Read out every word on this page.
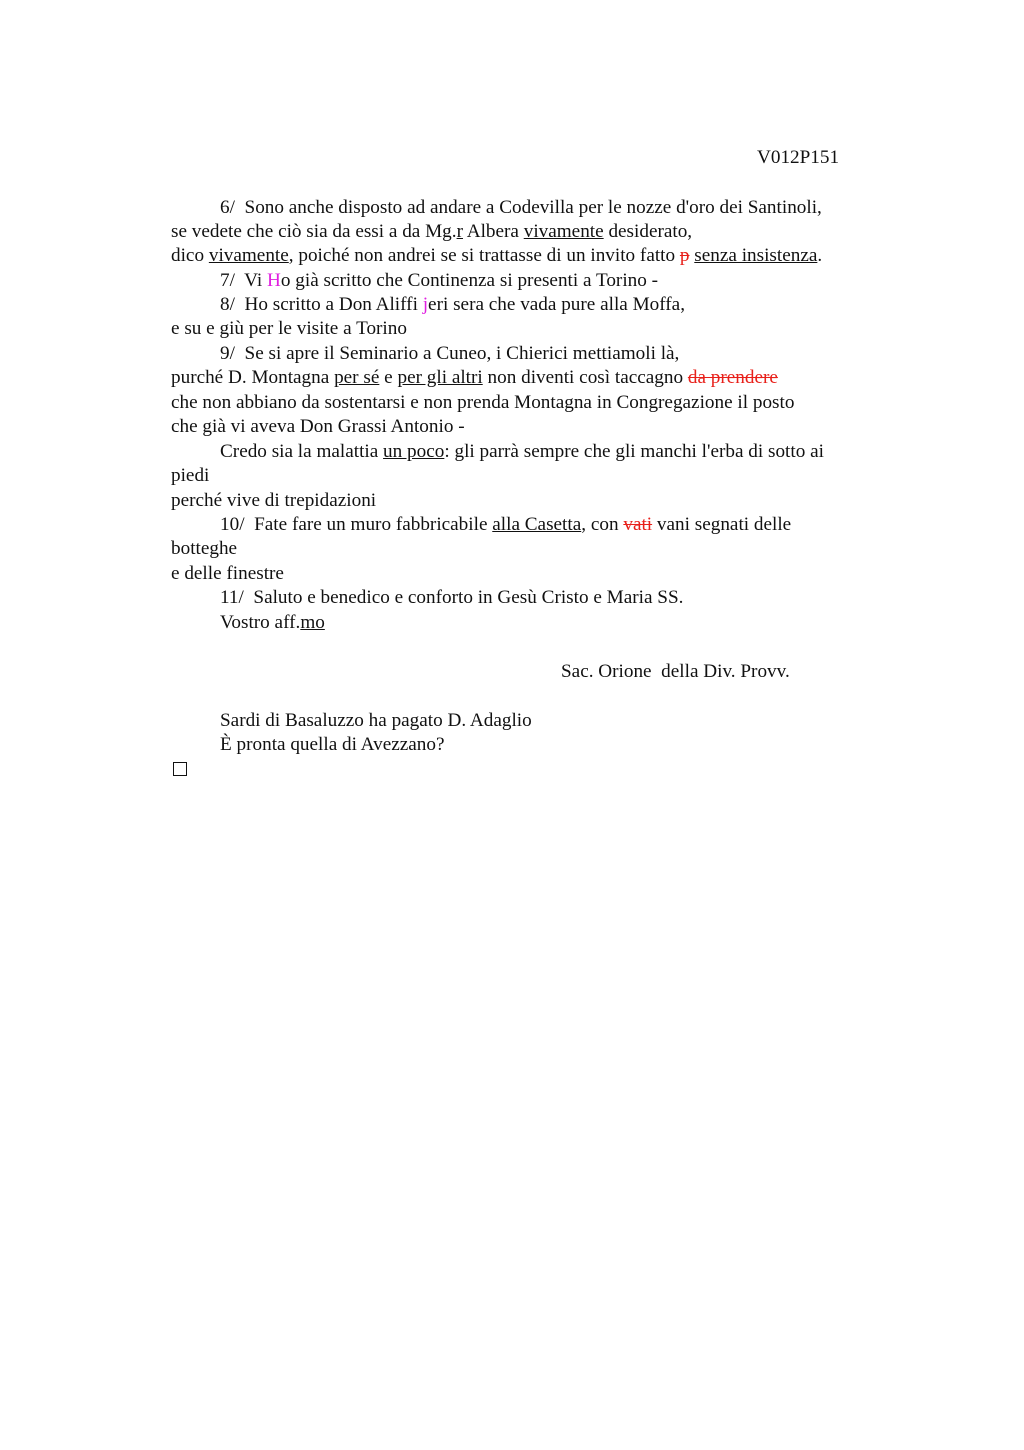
V012P151
6/  Sono anche disposto ad andare a Codevilla per le nozze d'oro dei Santinoli,
se vedete che ciò sia da essi a da Mg.r Albera vivamente desiderato,
dico vivamente, poiché non andrei se si trattasse di un invito fatto p senza insistenza.
7/  Vi Ho già scritto che Continenza si presenti a Torino -
8/  Ho scritto a Don Aliffi jeri sera che vada pure alla Moffa,
e su e giù per le visite a Torino
9/  Se si apre il Seminario a Cuneo, i Chierici mettiamoli là,
purché D. Montagna per sé e per gli altri non diventi così taccagno da prendere
che non abbiano da sostentarsi e non prenda Montagna in Congregazione il posto
che già vi aveva Don Grassi Antonio -
Credo sia la malattia un poco: gli parrà sempre che gli manchi l'erba di sotto ai
piedi
perché vive di trepidazioni
10/  Fate fare un muro fabbricabile alla Casetta, con vati vani segnati delle
botteghe
e delle finestre
11/  Saluto e benedico e conforto in Gesù Cristo e Maria SS.
Vostro aff.mo
Sac. Orione  della Div. Provv.
Sardi di Basaluzzo ha pagato D. Adaglio
È pronta quella di Avezzano?
